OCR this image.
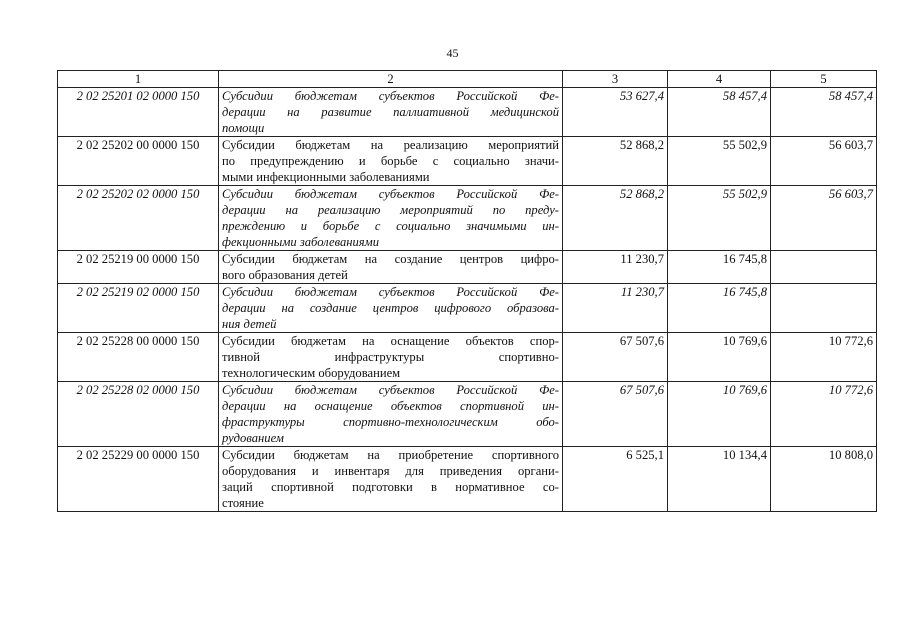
45
1	2	3	4	5
2 02 25201 02 0000 150	Субсидии бюджетам субъектов Российской Фе-
дерации на развитие паллиативной медицинской
помощи	53 627,4	58 457,4	58 457,4
2 02 25202 00 0000 150	Субсидии бюджетам на реализацию мероприятий
по предупреждению и борьбе с социально значи-
мыми инфекционными заболеваниями	52 868,2	55 502,9	56 603,7
2 02 25202 02 0000 150	Субсидии бюджетам субъектов Российской Фе-
дерации на реализацию мероприятий по преду-
преждению и борьбе с социально значимыми ин-
фекционными заболеваниями	52 868,2	55 502,9	56 603,7
2 02 25219 00 0000 150	Субсидии бюджетам на создание центров цифро-
вого образования детей	11 230,7	16 745,8	
2 02 25219 02 0000 150	Субсидии бюджетам субъектов Российской Фе-
дерации на создание центров цифрового образова-
ния детей	11 230,7	16 745,8	
2 02 25228 00 0000 150	Субсидии бюджетам на оснащение объектов спор-
тивной инфраструктуры спортивно-
технологическим оборудованием	67 507,6	10 769,6	10 772,6
2 02 25228 02 0000 150	Субсидии бюджетам субъектов Российской Фе-
дерации на оснащение объектов спортивной ин-
фраструктуры спортивно-технологическим обо-
рудованием	67 507,6	10 769,6	10 772,6
2 02 25229 00 0000 150	Субсидии бюджетам на приобретение спортивного
оборудования и инвентаря для приведения органи-
заций спортивной подготовки в нормативное со-
стояние	6 525,1	10 134,4	10 808,0
